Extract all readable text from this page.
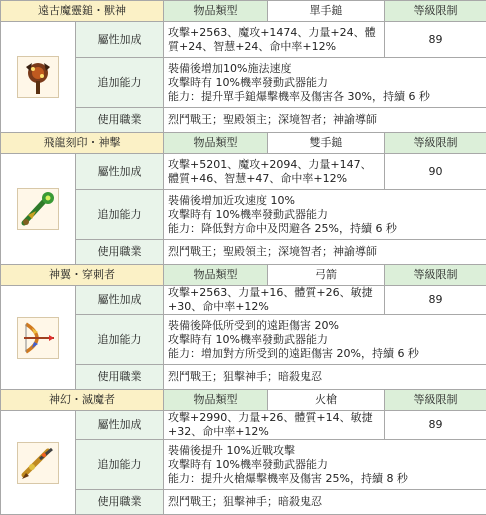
遠古魔靈鎚・獸神		物品類型	單手鎚	等級限制

	屬性加成	攻擊+2563、魔攻+1474、力量+24、體質+24、智慧+24、命中率+12%		89
	追加能力	裝備後增加10%施法速度
攻擊時有 10%機率發動武器能力
能力：提升單手鎚爆擊機率及傷害各 30%，持續 6 秒		

	使用職業	烈鬥戰王；聖殿領主；深境智者；神諭導師		
飛龍刻印・神擊		物品類型	雙手鎚	等級限制

	屬性加成	攻擊+5201、魔攻+2094、力量+147、體質+46、智慧+47、命中率+12%		90
	追加能力	裝備後增加近攻速度 10%
攻擊時有 10%機率發動武器能力
能力：降低對方命中及閃避各 25%，持續 6 秒		

	使用職業	烈鬥戰王；聖殿領主；深境智者；神諭導師		
神翼・穿刺者		物品類型	弓箭	等級限制

	屬性加成	攻擊+2563、力量+16、體質+26、敏捷+30、命中率+12%		89
	追加能力	裝備後降低所受到的遠距傷害 20%
攻擊時有 10%機率發動武器能力
能力：增加對方所受到的遠距傷害 20%，持續 6 秒		

	使用職業	烈鬥戰王；狙擊神手；暗殺鬼忍		
神幻・滅魔者		物品類型	火槍	等級限制

	屬性加成	攻擊+2990、力量+26、體質+14、敏捷+32、命中率+12%		89
	追加能力	裝備後提升 10%近戰攻擊
攻擊時有 10%機率發動武器能力
能力：提升火槍爆擊機率及傷害 25%，持續 8 秒		

	使用職業	烈鬥戰王；狙擊神手；暗殺鬼忍		
